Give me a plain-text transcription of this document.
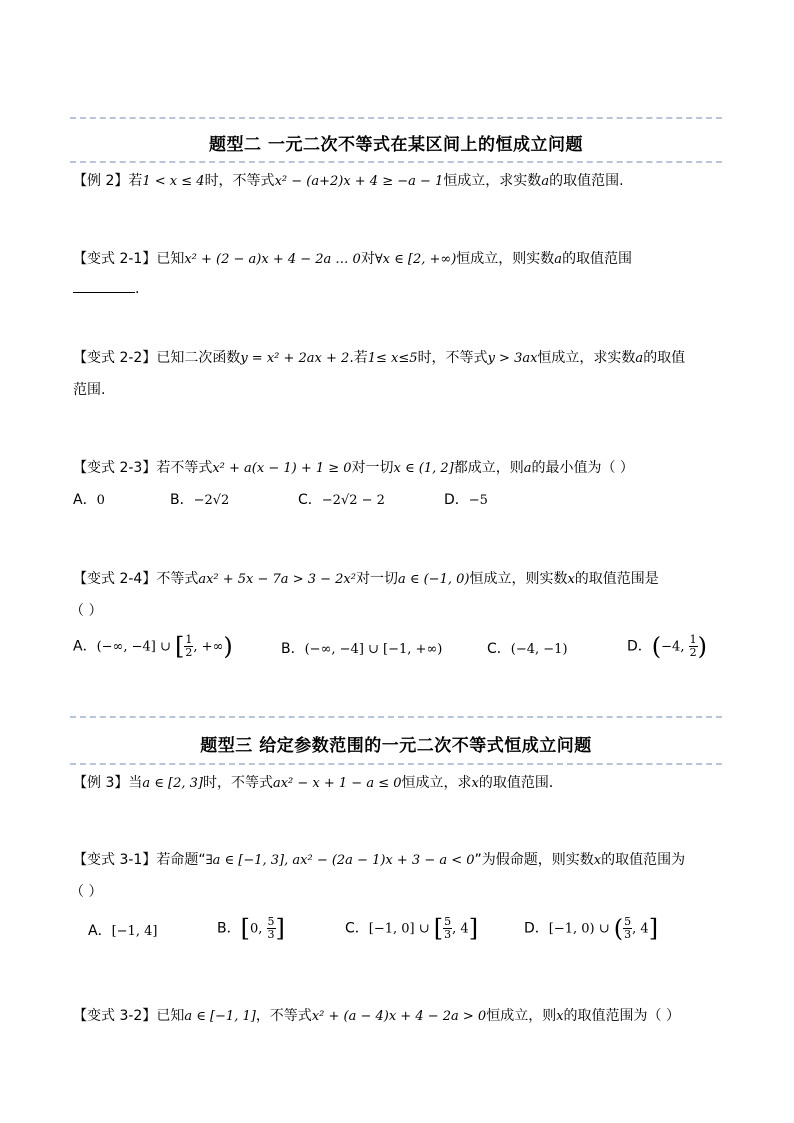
题型二 一元二次不等式在某区间上的恒成立问题
【例 2】若1 < x ≤ 4时，不等式x² − (a+2)x + 4 ≥ −a − 1恒成立，求实数a的取值范围.
【变式 2-1】已知x² + (2 − a)x + 4 − 2a … 0对∀x ∈ [2, +∞)恒成立，则实数a的取值范围
.
【变式 2-2】已知二次函数y = x² + 2ax + 2.若1≤ x≤5时，不等式y > 3ax恒成立，求实数a的取值
范围.
【变式 2-3】若不等式x² + a(x − 1) + 1 ≥ 0对一切x ∈ (1, 2]都成立，则a的最小值为（ ）
A．0	B．−2√2	C．−2√2 − 2	D．−5
【变式 2-4】不等式ax² + 5x − 7a > 3 − 2x²对一切a ∈ (−1, 0)恒成立，则实数x的取值范围是
（ ）
A．(−∞, −4] ∪ [ $\frac{1}{2}$ , +∞)	B．(−∞, −4] ∪ [−1, +∞)	C．(−4, −1)	D．(−4, $\frac{1}{2}$ )
题型三 给定参数范围的一元二次不等式恒成立问题
【例 3】当a ∈ [2, 3]时，不等式ax² − x + 1 − a ≤ 0恒成立，求x的取值范围．
【变式 3-1】若命题“∃a ∈ [−1, 3], ax² − (2a − 1)x + 3 − a < 0”为假命题，则实数x的取值范围为
（ ）
A．[−1, 4]	B．[0, $\frac{5}{3}$ ]	C．[−1, 0] ∪ [ $\frac{5}{3}$ , 4]	D．[−1, 0) ∪ ( $\frac{5}{3}$ , 4]
【变式 3-2】已知a ∈ [−1, 1]，不等式x² + (a − 4)x + 4 − 2a > 0恒成立，则x的取值范围为（ ）
